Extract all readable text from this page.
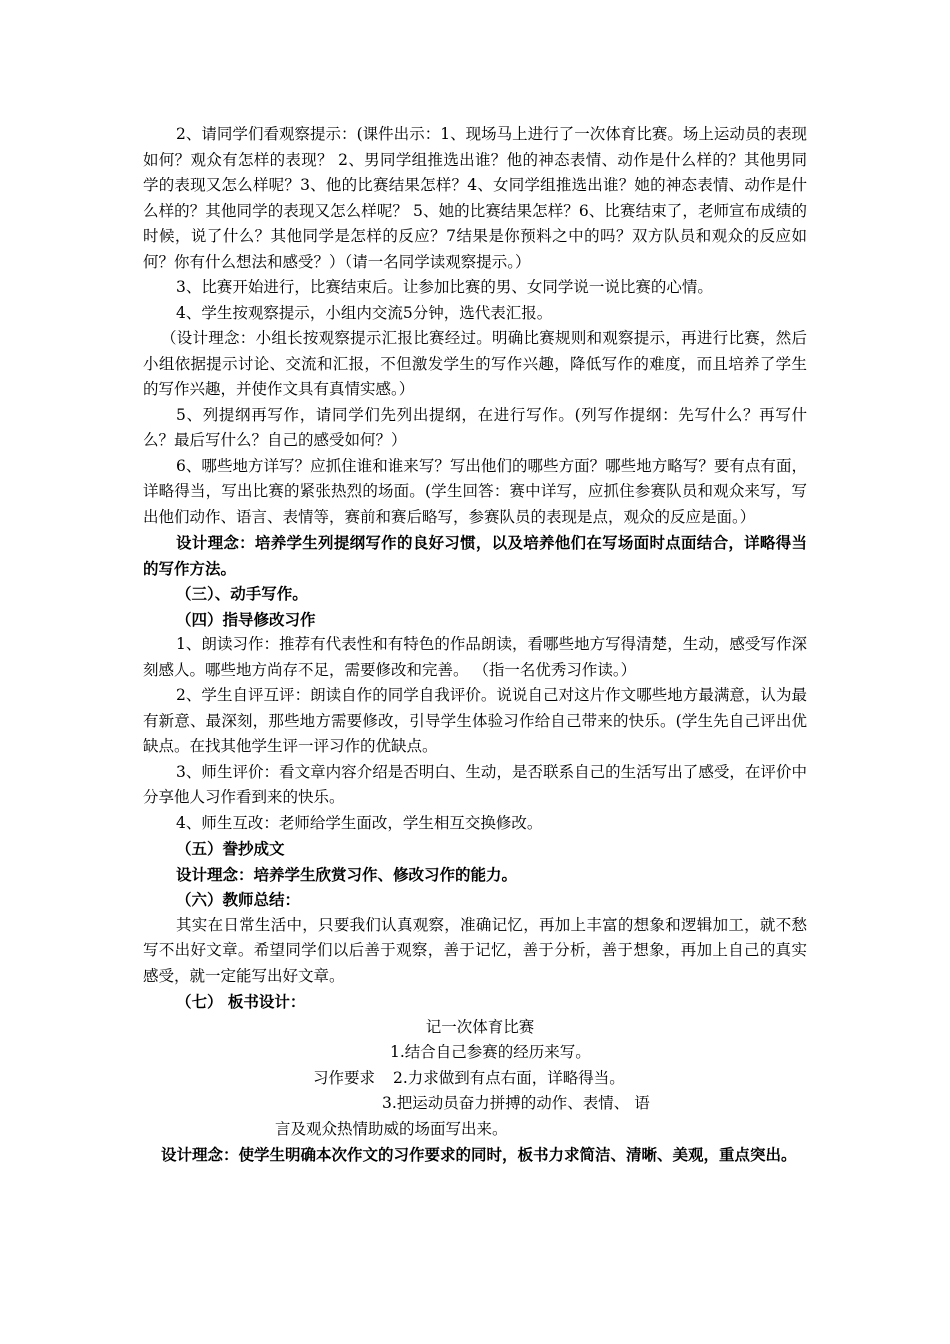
2、请同学们看观察提示：(课件出示：1、现场马上进行了一次体育比赛。场上运动员的表现如何？观众有怎样的表现？ 2、男同学组推选出谁？他的神态表情、动作是什么样的？其他男同学的表现又怎么样呢？3、他的比赛结果怎样？4、女同学组推选出谁？她的神态表情、动作是什么样的？其他同学的表现又怎么样呢？ 5、她的比赛结果怎样？6、比赛结束了，老师宣布成绩的时候，说了什么？其他同学是怎样的反应？7结果是你预料之中的吗？双方队员和观众的反应如何？你有什么想法和感受？）（请一名同学读观察提示。）

3、比赛开始进行，比赛结束后。让参加比赛的男、女同学说一说比赛的心情。

4、学生按观察提示，小组内交流5分钟，选代表汇报。

（设计理念：小组长按观察提示汇报比赛经过。明确比赛规则和观察提示，再进行比赛，然后小组依据提示讨论、交流和汇报，不但激发学生的写作兴趣，降低写作的难度，而且培养了学生的写作兴趣，并使作文具有真情实感。）

5、列提纲再写作，请同学们先列出提纲，在进行写作。(列写作提纲：先写什么？再写什么？最后写什么？自己的感受如何？）

6、哪些地方详写？应抓住谁和谁来写？写出他们的哪些方面？哪些地方略写？要有点有面，详略得当，写出比赛的紧张热烈的场面。(学生回答：赛中详写，应抓住参赛队员和观众来写，写出他们动作、语言、表情等，赛前和赛后略写，参赛队员的表现是点，观众的反应是面。）

设计理念：培养学生列提纲写作的良好习惯，以及培养他们在写场面时点面结合，详略得当的写作方法。

（三）、动手写作。

（四）指导修改习作

1、朗读习作：推荐有代表性和有特色的作品朗读，看哪些地方写得清楚，生动，感受写作深刻感人。哪些地方尚存不足，需要修改和完善。 （指一名优秀习作读。）

2、学生自评互评：朗读自作的同学自我评价。说说自己对这片作文哪些地方最满意，认为最有新意、最深刻，那些地方需要修改，引导学生体验习作给自己带来的快乐。(学生先自己评出优缺点。在找其他学生评一评习作的优缺点。

3、师生评价：看文章内容介绍是否明白、生动，是否联系自己的生活写出了感受，在评价中分享他人习作看到来的快乐。

4、师生互改：老师给学生面改，学生相互交换修改。

（五）誊抄成文

设计理念：培养学生欣赏习作、修改习作的能力。

（六）教师总结：

其实在日常生活中，只要我们认真观察，准确记忆，再加上丰富的想象和逻辑加工，就不愁写不出好文章。希望同学们以后善于观察，善于记忆，善于分析，善于想象，再加上自己的真实感受，就一定能写出好文章。

（七） 板书设计：

记一次体育比赛

1.结合自己参赛的经历来写。

习作要求 2.力求做到有点右面，详略得当。

3.把运动员奋力拼搏的动作、表情、 语

言及观众热情助威的场面写出来。

设计理念：使学生明确本次作文的习作要求的同时，板书力求简洁、清晰、美观，重点突出。
